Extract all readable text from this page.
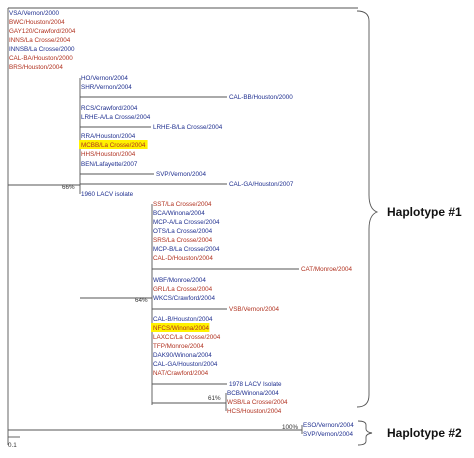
VSA/Vernon/2000
BWC/Houston/2004
GAY120/Crawford/2004
INNS/La Crosse/2004
INNSB/La Crosse/2000
CAL-BA/Houston/2000
BRS/Houston/2004
HO/Vernon/2004
SHR/Vernon/2004
CAL-BB/Houston/2000
RCS/Crawford/2004
LRHE-A/La Crosse/2004
LRHE-B/La Crosse/2004
RRA/Houston/2004
MCBB/La Crosse/2004
HHS/Houston/2004
BEN/Lafayette/2007
SVP/Vernon/2004
CAL-GA/Houston/2007
1960 LACV isolate
SST/La Crosse/2004
BCA/Winona/2004
MCP-A/La Crosse/2004
OTS/La Crosse/2004
SRS/La Crosse/2004
MCP-B/La Crosse/2004
CAL-D/Houston/2004
CAT/Monroe/2004
WBF/Monroe/2004
GRL/La Crosse/2004
WKCS/Crawford/2004
VSB/Vernon/2004
CAL-B/Houston/2004
NFCS/Winona/2004
LAXCC/La Crosse/2004
TFP/Monroe/2004
DAK90/Winona/2004
CAL-GA/Houston/2004
NAT/Crawford/2004
1978 LACV Isolate
BCB/Winona/2004
WSB/La Crosse/2004
HCS/Houston/2004
ESO/Vernon/2004
SVP/Vernon/2004
66%
64%
61%
100%
Haplotype #1
Haplotype #2
0.1
